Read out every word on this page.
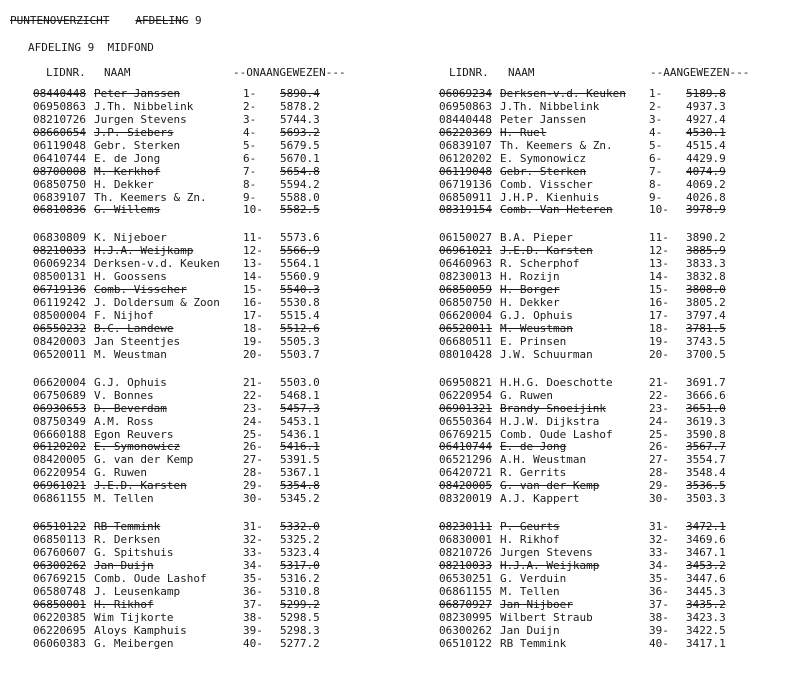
PUNTENOVERZICHT AFDELING 9
AFDELING 9  MIDFOND
LIDNR. NAAM	--ONAANGEWEZEN---	LIDNR. NAAM	--AANGEWEZEN---
08440448 Peter Janssen	1-	5890.4
06950863 J.Th. Nibbelink	2-	5878.2
08210726 Jurgen Stevens	3-	5744.3
08660654 J.P. Siebers	4-	5693.2
06119048 Gebr. Sterken	5-	5679.5
06410744 E. de Jong	6-	5670.1
08700008 M. Kerkhof	7-	5654.8
06850750 H. Dekker	8-	5594.2
06839107 Th. Keemers & Zn.	9-	5588.0
06810836 G. Willems	10-	5582.5
06830809 K. Nijeboer	11-	5573.6
08210033 H.J.A. Weijkamp	12-	5566.9
06069234 Derksen-v.d. Keuken 13-	5564.1
08500131 H. Goossens	14-	5560.9
06719136 Comb. Visscher	15-	5540.3
06119242 J. Doldersum & Zoon 16-	5530.8
08500004 F. Nijhof	17-	5515.4
06550232 B.C. Landewe	18-	5512.6
08420003 Jan Steentjes	19-	5505.3
06520011 M. Weustman	20-	5503.7
06620004 G.J. Ophuis	21-	5503.0
06750689 V. Bonnes	22-	5468.1
06930653 D. Beverdam	23-	5457.3
08750349 A.M. Ross	24-	5453.1
06660188 Egon Reuvers	25-	5436.1
06120202 E. Symonowicz	26-	5416.1
08420005 G. van der Kemp	27-	5391.5
06220954 G. Ruwen	28-	5367.1
06961021 J.E.D. Karsten	29-	5354.8
06861155 M. Tellen	30-	5345.2
06510122 RB Temmink	31-	5332.0
06850113 R. Derksen	32-	5325.2
06760607 G. Spitshuis	33-	5323.4
06300262 Jan Duijn	34-	5317.0
06769215 Comb. Oude Lashof	35-	5316.2
06580748 J. Leusenkamp	36-	5310.8
06850001 H. Rikhof	37-	5299.2
06220385 Wim Tijkorte	38-	5298.5
06220695 Aloys Kamphuis	39-	5298.3
06060383 G. Meibergen	40-	5277.2
06069234 Derksen-v.d. Keuken 1-	5189.8
06950863 J.Th. Nibbelink	2-	4937.3
08440448 Peter Janssen	3-	4927.4
06220369 H. Ruel	4-	4530.1
06839107 Th. Keemers & Zn.	5-	4515.4
06120202 E. Symonowicz	6-	4429.9
06119048 Gebr. Sterken	7-	4074.9
06719136 Comb. Visscher	8-	4069.2
06850911 J.H.P. Kienhuis	9-	4026.8
08319154 Comb. Van Heteren	10-	3978.9
06150027 B.A. Pieper	11-	3890.2
06961021 J.E.D. Karsten	12-	3885.9
06460963 R. Scherphof	13-	3833.3
08230013 H. Rozijn	14-	3832.8
06850059 H. Borger	15-	3808.0
06850750 H. Dekker	16-	3805.2
06620004 G.J. Ophuis	17-	3797.4
06520011 M. Weustman	18-	3781.5
06680511 E. Prinsen	19-	3743.5
08010428 J.W. Schuurman	20-	3700.5
06950821 H.H.G. Doeschotte	21-	3691.7
06220954 G. Ruwen	22-	3666.6
06901321 Brandy Snoeijink	23-	3651.0
06550364 H.J.W. Dijkstra	24-	3619.3
06769215 Comb. Oude Lashof	25-	3590.8
06410744 E. de Jong	26-	3567.7
06521296 A.H. Weustman	27-	3554.7
06420721 R. Gerrits	28-	3548.4
08420005 G. van der Kemp	29-	3536.5
08320019 A.J. Kappert	30-	3503.3
08230111 P. Geurts	31-	3472.1
06830001 H. Rikhof	32-	3469.6
08210726 Jurgen Stevens	33-	3467.1
08210033 H.J.A. Weijkamp	34-	3453.2
06530251 G. Verduin	35-	3447.6
06861155 M. Tellen	36-	3445.3
06870927 Jan Nijboer	37-	3435.2
08230995 Wilbert Straub	38-	3423.3
06300262 Jan Duijn	39-	3422.5
06510122 RB Temmink	40-	3417.1
